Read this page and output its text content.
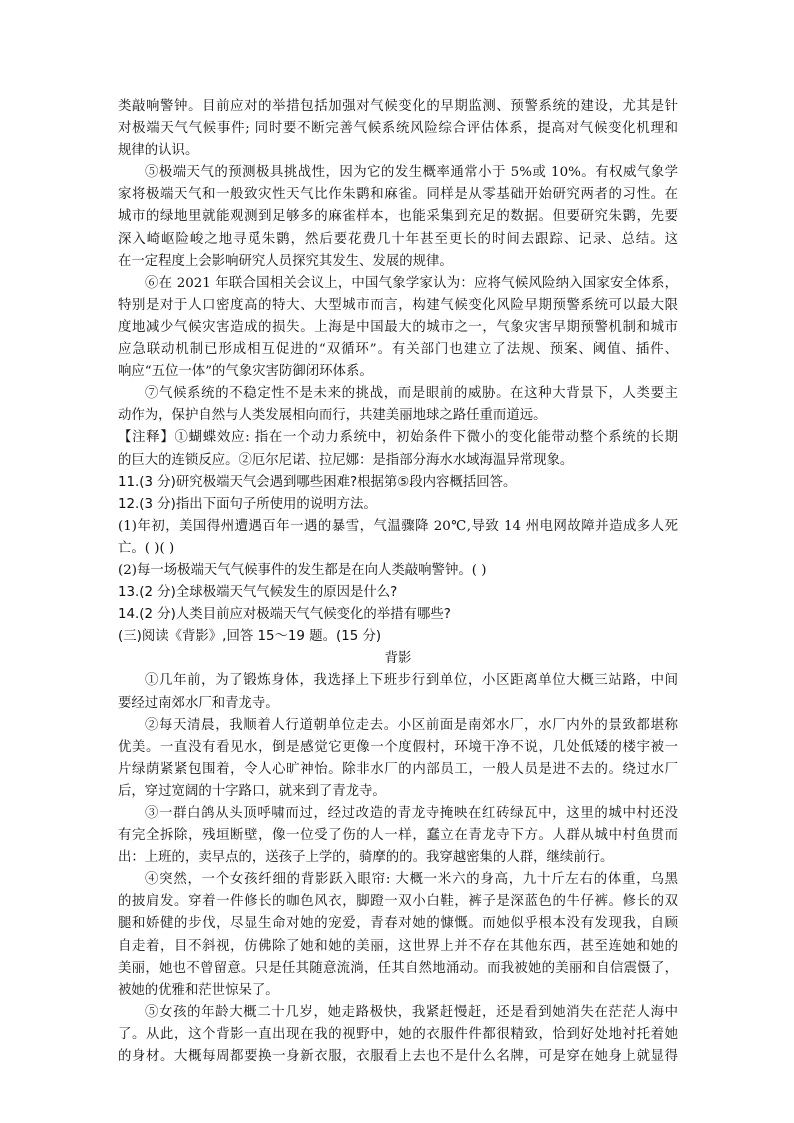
类敲响警钟。目前应对的举措包括加强对气候变化的早期监测、预警系统的建设，尤其是针
对极端天气气候事件; 同时要不断完善气候系统风险综合评估体系，提高对气候变化机理和
规律的认识。
⑤极端天气的预测极具挑战性，因为它的发生概率通常小于 5%或 10%。有权威气象学
家将极端天气和一般致灾性天气比作朱鹮和麻雀。同样是从零基础开始研究两者的习性。在
城市的绿地里就能观测到足够多的麻雀样本，也能采集到充足的数据。但要研究朱鹮，先要
深入崎岖险峻之地寻觅朱鹮，然后要花费几十年甚至更长的时间去跟踪、记录、总结。这
在一定程度上会影响研究人员探究其发生、发展的规律。
⑥在 2021 年联合国相关会议上，中国气象学家认为：应将气候风险纳入国家安全体系，
特别是对于人口密度高的特大、大型城市而言，构建气候变化风险早期预警系统可以最大限
度地减少气候灾害造成的损失。上海是中国最大的城市之一，气象灾害早期预警机制和城市
应急联动机制已形成相互促进的“双循环”。有关部门也建立了法规、预案、阈值、插件、
响应“五位一体”的气象灾害防御闭环体系。
⑦气候系统的不稳定性不是未来的挑战，而是眼前的威胁。在这种大背景下，人类要主
动作为，保护自然与人类发展相向而行，共建美丽地球之路任重而道远。
【注释】①蝴蝶效应: 指在一个动力系统中，初始条件下微小的变化能带动整个系统的长期
的巨大的连锁反应。②厄尔尼诺、拉尼娜：是指部分海水水域海温异常现象。
11.(3 分)研究极端天气会遇到哪些困难?根据第⑤段内容概括回答。
12.(3 分)指出下面句子所使用的说明方法。
(1)年初，美国得州遭遇百年一遇的暴雪，气温骤降 20℃,导致 14 州电网故障并造成多人死
亡。( )( )
(2)每一场极端天气气候事件的发生都是在向人类敲响警钟。( )
13.(2 分)全球极端天气气候发生的原因是什么?
14.(2 分)人类目前应对极端天气气候变化的举措有哪些?
(三)阅读《背影》,回答 15～19 题。(15 分)
背影
①几年前，为了锻炼身体，我选择上下班步行到单位，小区距离单位大概三站路，中间
要经过南郊水厂和青龙寺。
②每天清晨，我顺着人行道朝单位走去。小区前面是南郊水厂，水厂内外的景致都堪称
优美。一直没有看见水，倒是感觉它更像一个度假村，环境干净不说，几处低矮的楼宇被一
片绿荫紧紧包围着，令人心旷神怡。除非水厂的内部员工，一般人员是进不去的。绕过水厂
后，穿过宽阔的十字路口，就来到了青龙寺。
③一群白鸽从头顶呼啸而过，经过改造的青龙寺掩映在红砖绿瓦中，这里的城中村还没
有完全拆除，残垣断壁，像一位受了伤的人一样，蠢立在青龙寺下方。人群从城中村鱼贯而
出：上班的，卖早点的，送孩子上学的，骑摩的的。我穿越密集的人群，继续前行。
④突然，一个女孩纤细的背影跃入眼帘: 大概一米六的身高，九十斤左右的体重，乌黑
的披肩发。穿着一件修长的咖色风衣，脚蹬一双小白鞋，裤子是深蓝色的牛仔裤。修长的双
腿和娇健的步伐，尽显生命对她的宠爱，青春对她的慷慨。而她似乎根本没有发现我，自顾
自走着，目不斜视，仿佛除了她和她的美丽，这世界上并不存在其他东西，甚至连她和她的
美丽，她也不曾留意。只是任其随意流淌，任其自然地涌动。而我被她的美丽和自信震慑了，
被她的优雅和茫世惊呆了。
⑤女孩的年龄大概二十几岁，她走路极快，我紧赶慢赶，还是看到她消失在茫茫人海中
了。从此，这个背影一直出现在我的视野中，她的衣服件件都很精致，恰到好处地衬托着她
的身材。大概每周都要换一身新衣服，衣服看上去也不是什么名牌，可是穿在她身上就显得
